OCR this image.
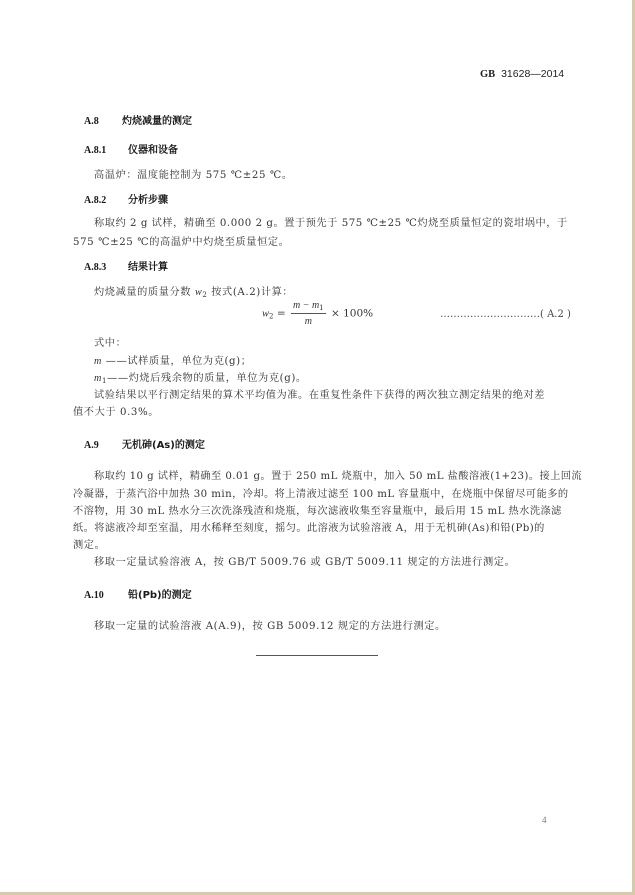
GB 31628—2014
A.8 灼烧减量的测定
A.8.1 仪器和设备
高温炉：温度能控制为 575 ℃±25 ℃。
A.8.2 分析步骤
称取约 2 g 试样，精确至 0.000 2 g。置于预先于 575 ℃±25 ℃灼烧至质量恒定的瓷坩埚中，于
575 ℃±25 ℃的高温炉中灼烧至质量恒定。
A.8.3 结果计算
灼烧减量的质量分数 $w_2$ 按式(A.2)计算：
$w_2 = \frac{m - m_1}{m} \times 100\%$	…………………………( A.2 )
式中：
m ——试样质量，单位为克(g)；
$m_1——$灼烧后残余物的质量，单位为克(g)。
试验结果以平行测定结果的算术平均值为准。在重复性条件下获得的两次独立测定结果的绝对差
值不大于 0.3%。
A.9 无机砷(As)的测定
称取约 10 g 试样，精确至 0.01 g。置于 250 mL 烧瓶中，加入 50 mL 盐酸溶液(1+23)。接上回流
冷凝器，于蒸汽浴中加热 30 min，冷却。将上清液过滤至 100 mL 容量瓶中，在烧瓶中保留尽可能多的
不溶物，用 30 mL 热水分三次洗涤残渣和烧瓶，每次滤液收集至容量瓶中，最后用 15 mL 热水洗涤滤
纸。将滤液冷却至室温，用水稀释至刻度，摇匀。此溶液为试验溶液 A，用于无机砷(As)和铅(Pb)的
测定。
移取一定量试验溶液 A，按 GB/T 5009.76 或 GB/T 5009.11 规定的方法进行测定。
A.10 铅(Pb)的测定
移取一定量的试验溶液 A(A.9)，按 GB 5009.12 规定的方法进行测定。
4
